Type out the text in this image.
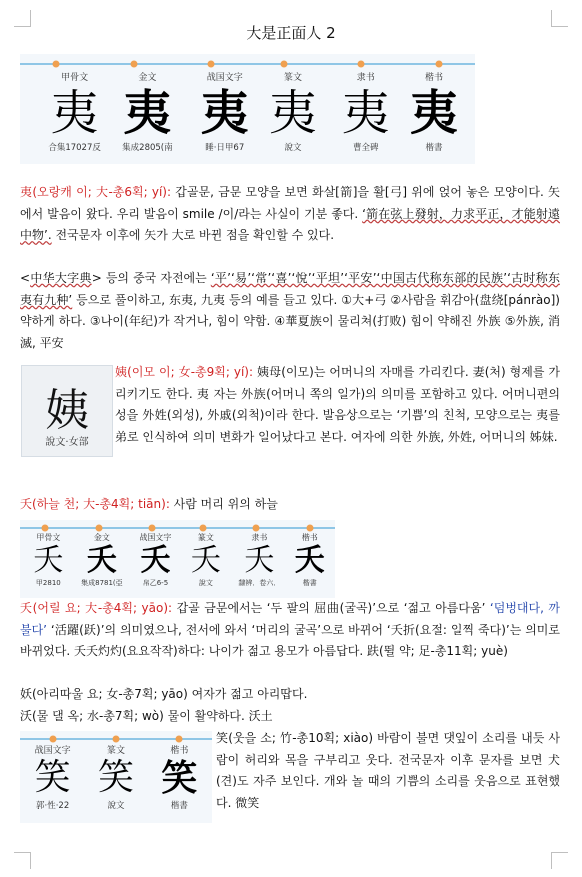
大是正面人 2
甲骨文
夷
合集17027反
金文
夷
集成2805(南
战国文字
夷
睡·日甲67
篆文
夷
說文
隶书
夷
曹全碑
楷书
夷
楷書

夷(오랑캐 이; 大-총6획; yí): 갑골문, 금문 모양을 보면 화살[箭]을 활[弓] 위에 얹어 놓은 모양이다. 矢에서 발음이 왔다. 우리 발음이 smile /이/라는 사실이 기분 좋다. ‘箭在弦上發射，力求平正，才能射遠中物’. 전국문자 이후에 矢가 大로 바뀐 점을 확인할 수 있다.

<中华大字典> 등의 중국 자전에는 ‘平’‘易’‘常’‘喜’‘悅’‘平坦’‘平安’‘中国古代称东部的民族’‘古时称东夷有九种’ 등으로 풀이하고, 东夷, 九夷 등의 예를 들고 있다. ①大+弓 ②사람을 휘감아(盘绕[pánrào]) 약하게 하다. ③나이(年纪)가 작거나, 힘이 약함. ④華夏族이 물리쳐(打败) 힘이 약해진 外族 ⑤外族, 消滅, 平安

姨
說文·女部

姨(이모 이; 女-총9획; yí): 姨母(이모)는 어머니의 자매를 가리킨다. 妻(처) 형제를 가리키기도 한다. 夷 자는 外族(어머니 쪽의 일가)의 의미를 포함하고 있다. 어머니편의 성을 外姓(외성), 外戚(외척)이라 한다. 발음상으로는 ‘기쁨’의 친척, 모양으로는 夷를 弟로 인식하여 의미 변화가 일어났다고 본다. 여자에 의한 外族, 外姓, 어머니의 姊妹.

夭(하늘 천; 大-총4획; tiān): 사람 머리 위의 하늘

甲骨文
夭
甲2810
金文
夭
集成8781(亞
战国文字
夭
帛乙6-5
篆文
夭
說文
隶书
夭
隸辨．卷六．
楷书
夭
楷書

夭(어릴 요; 大-총4획; yāo): 갑골 금문에서는 ‘두 팔의 屈曲(굴곡)’으로 ‘젊고 아름다움’ ‘덤벙대다, 까불다’ ‘活躍(跃)’의 의미였으나, 전서에 와서 ‘머리의 굴곡’으로 바뀌어 ‘夭折(요절: 일찍 죽다)’는 의미로 바뀌었다. 夭夭灼灼(요요작작)하다: 나이가 젊고 용모가 아름답다. 趺(뛸 약; 足-총11획; yuè)

妖(아리따울 요; 女-총7획; yāo) 여자가 젊고 아리땁다.

沃(물 댈 옥; 水-총7획; wò) 물이 활약하다. 沃土

战国文字
笑
郭·性·22
篆文
笑
說文
楷书
笑
楷書

笑(웃을 소; 竹-총10획; xiào) 바람이 불면 댓잎이 소리를 내듯 사람이 허리와 목을 구부리고 웃다. 전국문자 이후 문자를 보면 犬(견)도 자주 보인다. 개와 놀 때의 기쁨의 소리를 웃음으로 표현했다. 微笑
